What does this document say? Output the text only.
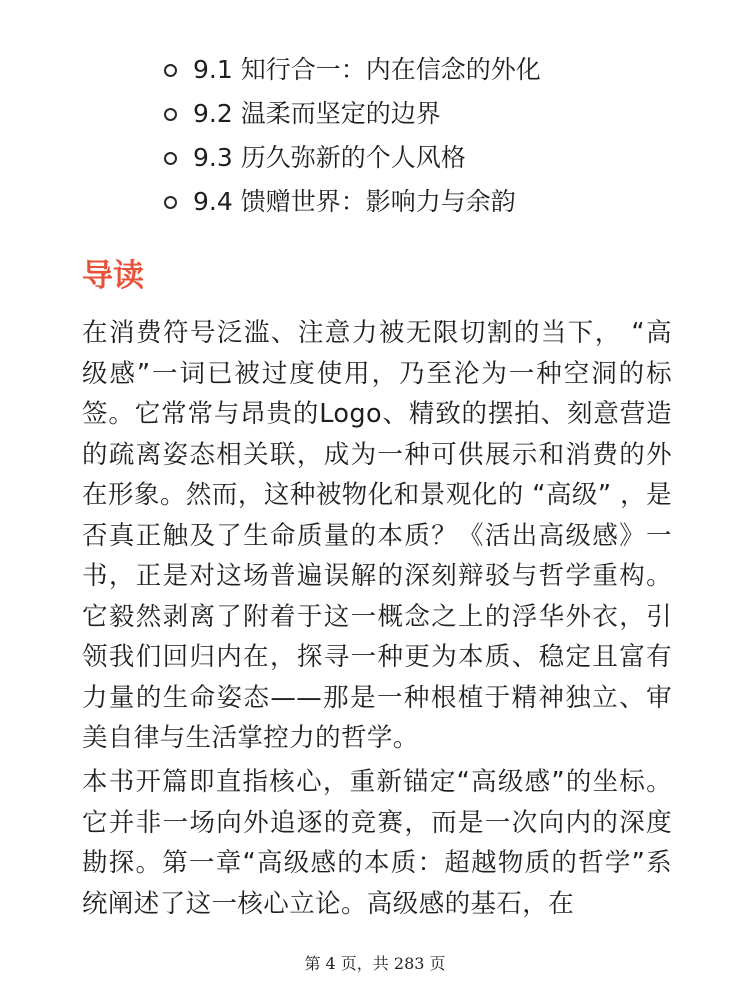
9.1 知行合一：内在信念的外化
9.2 温柔而坚定的边界
9.3 历久弥新的个人风格
9.4 馈赠世界：影响力与余韵
导读

在消费符号泛滥、注意力被无限切割的当下， “高级感”一词已被过度使用，乃至沦为一种空洞的标签。它常常与昂贵的Logo、精致的摆拍、刻意营造的疏离姿态相关联，成为一种可供展示和消费的外在形象。然而，这种被物化和景观化的 “高级” ，是否真正触及了生命质量的本质？《活出高级感》一书，正是对这场普遍误解的深刻辩驳与哲学重构。它毅然剥离了附着于这一概念之上的浮华外衣，引领我们回归内在，探寻一种更为本质、稳定且富有力量的生命姿态——那是一种根植于精神独立、审美自律与生活掌控力的哲学。

本书开篇即直指核心，重新锚定“高级感”的坐标。它并非一场向外追逐的竞赛，而是一次向内的深度勘探。第一章“高级感的本质：超越物质的哲学”系统阐述了这一核心立论。高级感的基石，在

第 4 页，共 283 页
